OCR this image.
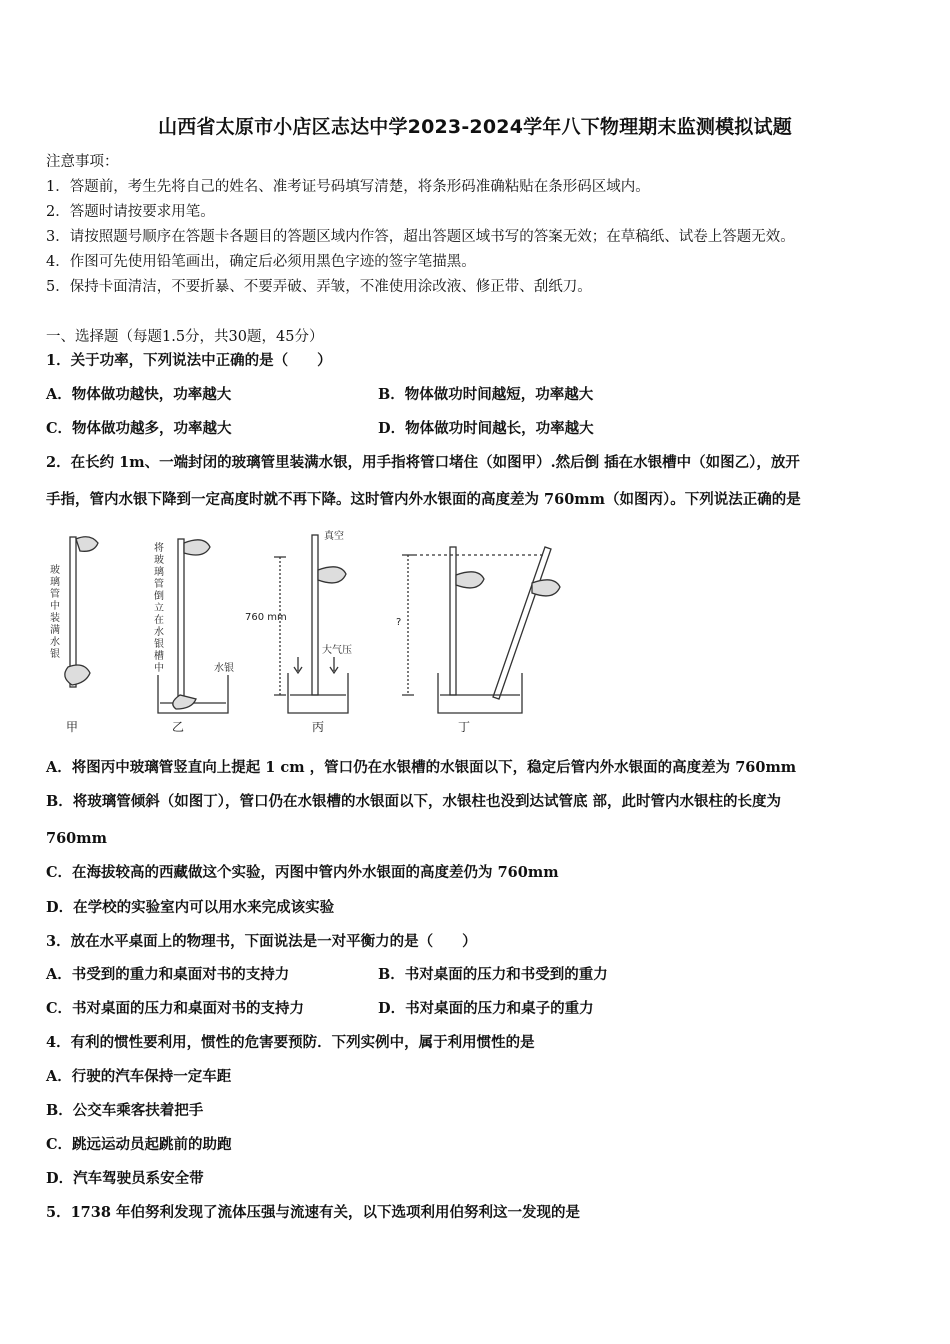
山西省太原市小店区志达中学2023-2024学年八下物理期末监测模拟试题
注意事项：
1．答题前，考生先将自己的姓名、准考证号码填写清楚，将条形码准确粘贴在条形码区域内。
2．答题时请按要求用笔。
3．请按照题号顺序在答题卡各题目的答题区域内作答，超出答题区域书写的答案无效；在草稿纸、试卷上答题无效。
4．作图可先使用铅笔画出，确定后必须用黑色字迹的签字笔描黑。
5．保持卡面清洁，不要折暴、不要弄破、弄皱，不准使用涂改液、修正带、刮纸刀。
一、选择题（每题1.5分，共30题，45分）
1．关于功率，下列说法中正确的是（　　）
A．物体做功越快，功率越大	B．物体做功时间越短，功率越大
C．物体做功越多，功率越大	D．物体做功时间越长，功率越大
2．在长约 1m、一端封闭的玻璃管里装满水银，用手指将管口堵住（如图甲）.然后倒 插在水银槽中（如图乙），放开
手指，管内水银下降到一定高度时就不再下降。这时管内外水银面的高度差为 760mm（如图丙）。下列说法正确的是
玻
璃
管
中
装
满
水
银
将
玻
璃
管
倒
立
在
水
银
槽
中	水银
真空
760 mm
大气压
?
甲	乙	丙	丁
A．将图丙中玻璃管竖直向上提起 1 cm ，管口仍在水银槽的水银面以下，稳定后管内外水银面的高度差为 760mm
B．将玻璃管倾斜（如图丁），管口仍在水银槽的水银面以下，水银柱也没到达试管底 部，此时管内水银柱的长度为
760mm
C．在海拔较高的西藏做这个实验，丙图中管内外水银面的高度差仍为 760mm
D．在学校的实验室内可以用水来完成该实验
3．放在水平桌面上的物理书，下面说法是一对平衡力的是（　　）
A．书受到的重力和桌面对书的支持力	B．书对桌面的压力和书受到的重力
C．书对桌面的压力和桌面对书的支持力	D．书对桌面的压力和桌子的重力
4．有利的惯性要利用，惯性的危害要预防．下列实例中，属于利用惯性的是
A．行驶的汽车保持一定车距
B．公交车乘客扶着把手
C．跳远运动员起跳前的助跑
D．汽车驾驶员系安全带
5．1738 年伯努利发现了流体压强与流速有关，以下选项利用伯努利这一发现的是
